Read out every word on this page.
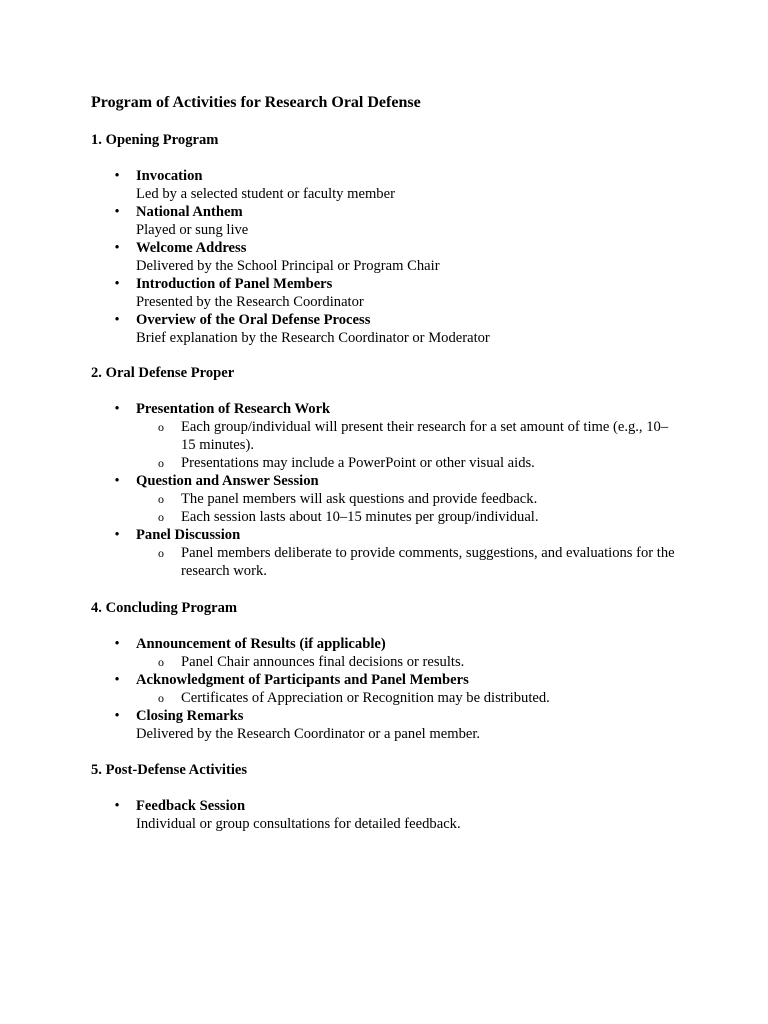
Program of Activities for Research Oral Defense
1. Opening Program
• Invocation
Led by a selected student or faculty member
• National Anthem
Played or sung live
• Welcome Address
Delivered by the School Principal or Program Chair
• Introduction of Panel Members
Presented by the Research Coordinator
• Overview of the Oral Defense Process
Brief explanation by the Research Coordinator or Moderator
2. Oral Defense Proper
• Presentation of Research Work
o Each group/individual will present their research for a set amount of time (e.g., 10–15 minutes).
o Presentations may include a PowerPoint or other visual aids.
• Question and Answer Session
o The panel members will ask questions and provide feedback.
o Each session lasts about 10–15 minutes per group/individual.
• Panel Discussion
o Panel members deliberate to provide comments, suggestions, and evaluations for the research work.
4. Concluding Program
• Announcement of Results (if applicable)
o Panel Chair announces final decisions or results.
• Acknowledgment of Participants and Panel Members
o Certificates of Appreciation or Recognition may be distributed.
• Closing Remarks
Delivered by the Research Coordinator or a panel member.
5. Post-Defense Activities
• Feedback Session
Individual or group consultations for detailed feedback.
